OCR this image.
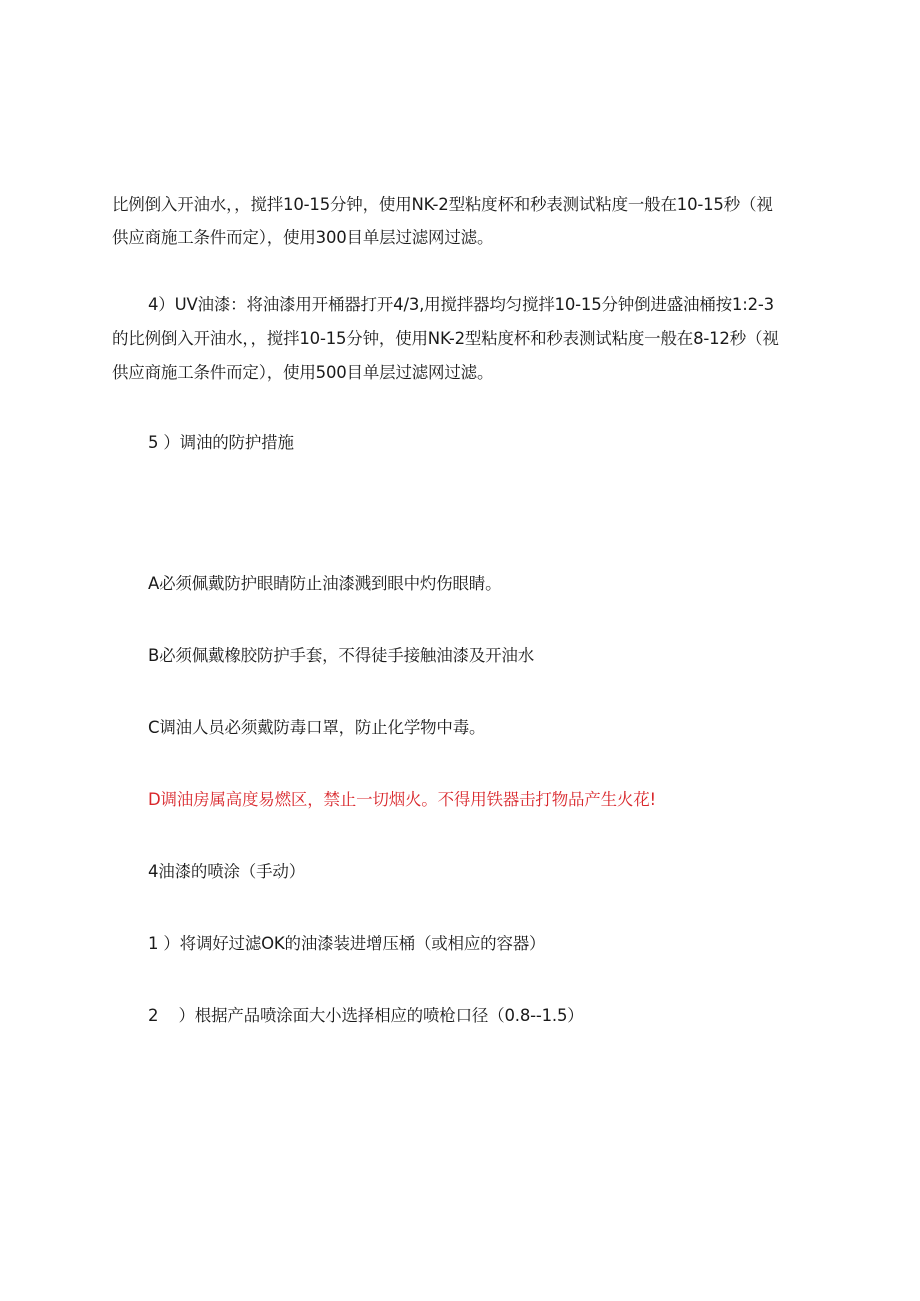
比例倒入开油水，，搅拌10-15分钟，使用NK-2型粘度杯和秒表测试粘度一般在10-15秒（视
供应商施工条件而定），使用300目单层过滤网过滤。
4）UV油漆：将油漆用开桶器打开4/3,用搅拌器均匀搅拌10-15分钟倒进盛油桶按1:2-3
的比例倒入开油水，，搅拌10-15分钟，使用NK-2型粘度杯和秒表测试粘度一般在8-12秒（视
供应商施工条件而定），使用500目单层过滤网过滤。
5 ）调油的防护措施
A必须佩戴防护眼睛防止油漆溅到眼中灼伤眼睛。
B必须佩戴橡胶防护手套，不得徒手接触油漆及开油水
C调油人员必须戴防毒口罩，防止化学物中毒。
D调油房属高度易燃区，禁止一切烟火。不得用铁器击打物品产生火花!
4油漆的喷涂（手动）
1 ）将调好过滤OK的油漆装进增压桶（或相应的容器）
2    ）根据产品喷涂面大小选择相应的喷枪口径（0.8--1.5）
